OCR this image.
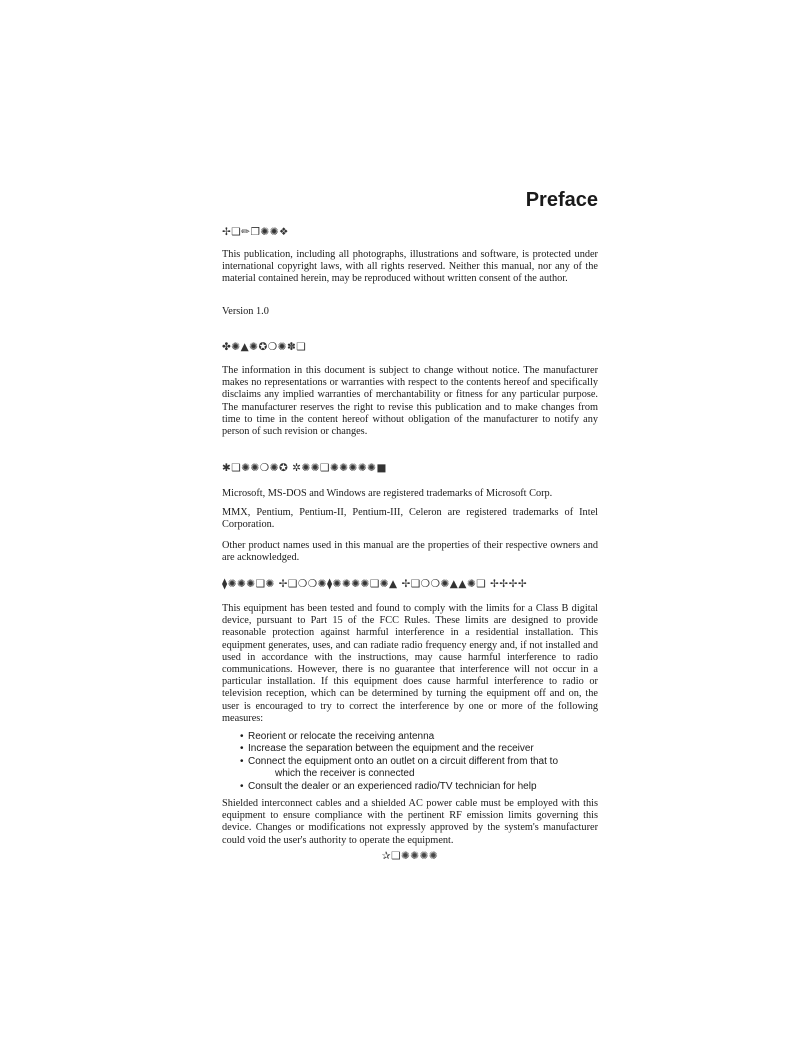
Preface
✢❑✏❐✺✺❖

This publication, including all photographs, illustrations and software, is protected under international copyright laws, with all rights reserved. Neither this manual, nor any of the material contained herein, may be reproduced without written consent of the author.

Version 1.0

✤✺▲✺✪❍✺✽❑

The information in this document is subject to change without notice. The manufacturer makes no representations or warranties with respect to the contents hereof and specifically disclaims any implied warranties of merchantability or fitness for any particular purpose. The manufacturer reserves the right to revise this publication and to make changes from time to time in the content hereof without obligation of the manufacturer to notify any person of such revision or changes.

✱❑✺✺❍✺✪ ✲✺✺❑✺✺✺✺✺■

Microsoft, MS-DOS and Windows are registered trademarks of Microsoft Corp.

MMX, Pentium, Pentium-II, Pentium-III, Celeron are registered trademarks of Intel Corporation.

Other product names used in this manual are the properties of their respective owners and are acknowledged.

⧫✺✺✺❑✺ ✢❑❍❍✺⧫✺✺✺✺❑✺▲ ✢❑❍❍✺▲▲✺❑ ✢✢✢✢

This equipment has been tested and found to comply with the limits for a Class B digital device, pursuant to Part 15 of the FCC Rules. These limits are designed to provide reasonable protection against harmful interference in a residential installation. This equipment generates, uses, and can radiate radio frequency energy and, if not installed and used in accordance with the instructions, may cause harmful interference to radio communications. However, there is no guarantee that interference will not occur in a particular installation. If this equipment does cause harmful interference to radio or television reception, which can be determined by turning the equipment off and on, the user is encouraged to try to correct the interference by one or more of the following measures:

• Reorient or relocate the receiving antenna
• Increase the separation between the equipment and the receiver
• Connect the equipment onto an outlet on a circuit different from that to
which the receiver is connected
• Consult the dealer or an experienced radio/TV technician for help

Shielded interconnect cables and a shielded AC power cable must be employed with this equipment to ensure compliance with the pertinent RF emission limits governing this device. Changes or modifications not expressly approved by the system's manufacturer could void the user's authority to operate the equipment.

✰❑✺✺✺✺
